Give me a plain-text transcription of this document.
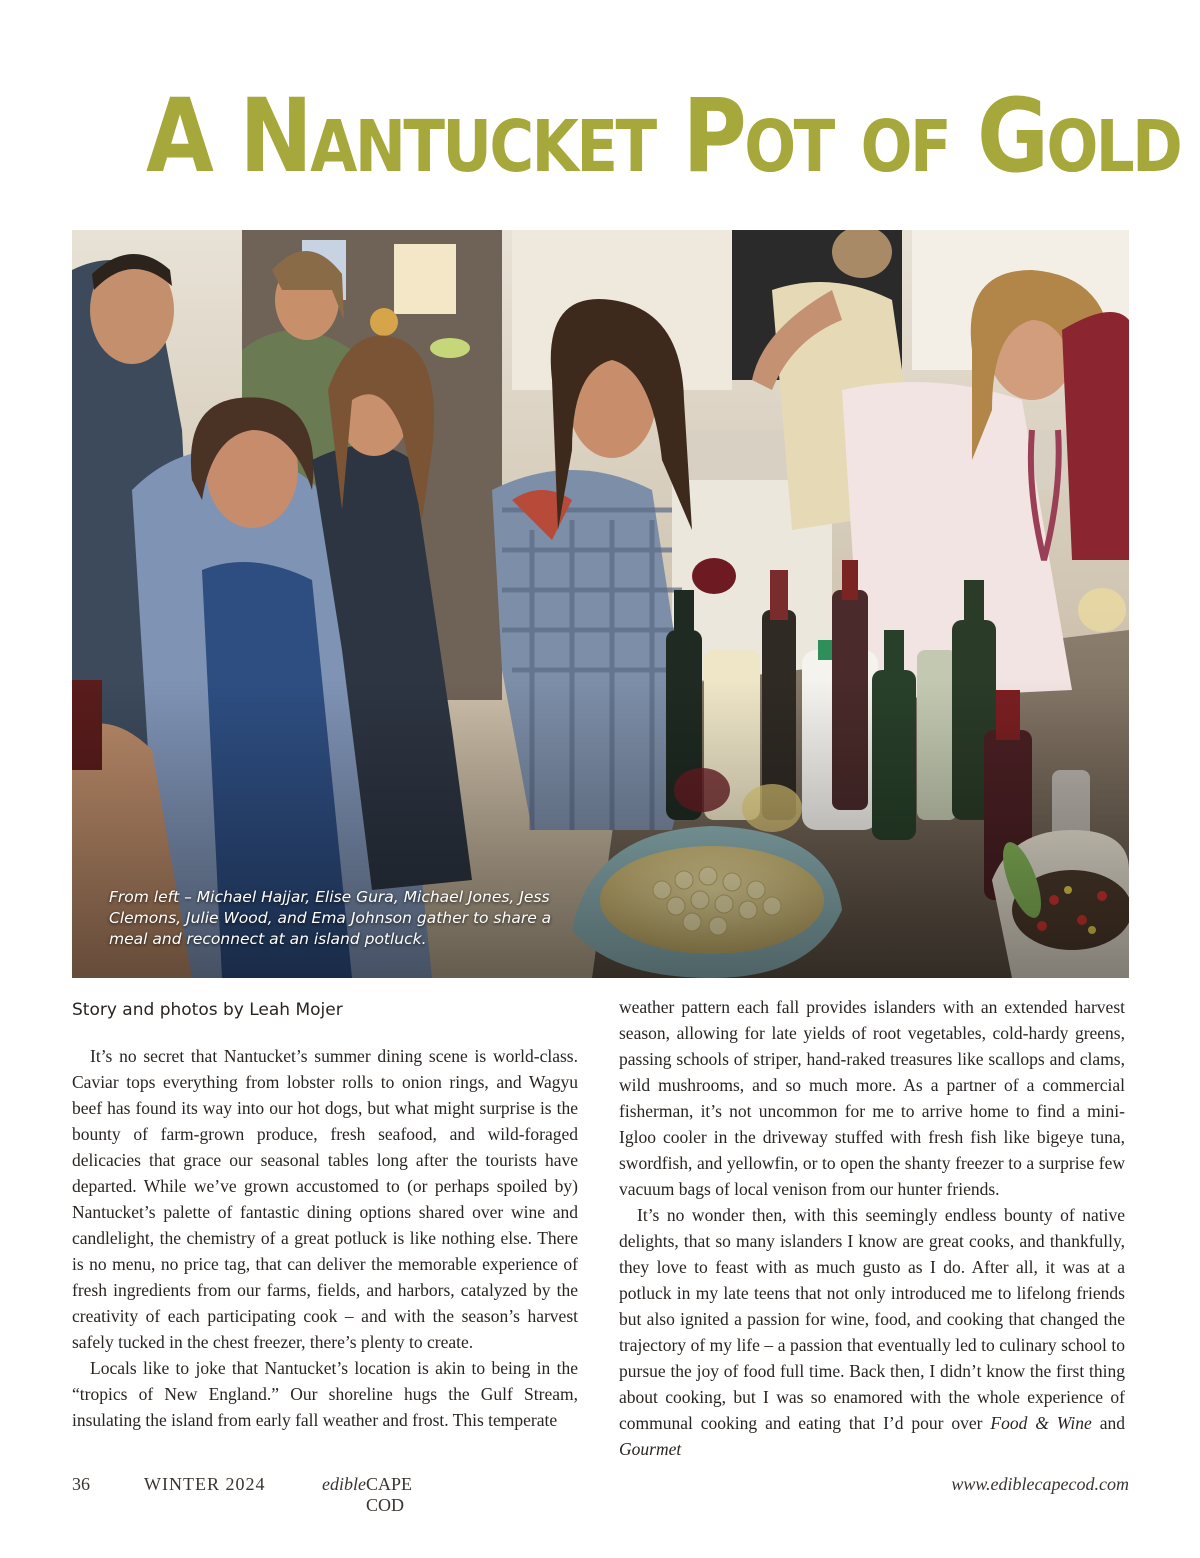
A Nantucket Pot of Gold

From left – Michael Hajjar, Elise Gura, Michael Jones, Jess Clemons, Julie Wood, and Ema Johnson gather to share a meal and reconnect at an island potluck.

Story and photos by Leah Mojer

It’s no secret that Nantucket’s summer dining scene is world-class. Caviar tops everything from lobster rolls to onion rings, and Wagyu beef has found its way into our hot dogs, but what might surprise is the bounty of farm-grown produce, fresh seafood, and wild-foraged delicacies that grace our seasonal tables long after the tourists have departed. While we’ve grown accustomed to (or perhaps spoiled by) Nantucket’s palette of fantastic dining options shared over wine and candlelight, the chemistry of a great potluck is like nothing else. There is no menu, no price tag, that can deliver the memorable experience of fresh ingredients from our farms, fields, and harbors, catalyzed by the creativity of each participating cook – and with the season’s harvest safely tucked in the chest freezer, there’s plenty to create.

Locals like to joke that Nantucket’s location is akin to being in the “tropics of New England.” Our shoreline hugs the Gulf Stream, insulating the island from early fall weather and frost. This temperate

weather pattern each fall provides islanders with an extended harvest season, allowing for late yields of root vegetables, cold-hardy greens, passing schools of striper, hand-raked treasures like scallops and clams, wild mushrooms, and so much more. As a partner of a commercial fisherman, it’s not uncommon for me to arrive home to find a mini-Igloo cooler in the driveway stuffed with fresh fish like bigeye tuna, swordfish, and yellowfin, or to open the shanty freezer to a surprise few vacuum bags of local venison from our hunter friends.

It’s no wonder then, with this seemingly endless bounty of native delights, that so many islanders I know are great cooks, and thankfully, they love to feast with as much gusto as I do. After all, it was at a potluck in my late teens that not only introduced me to lifelong friends but also ignited a passion for wine, food, and cooking that changed the trajectory of my life – a passion that eventually led to culinary school to pursue the joy of food full time. Back then, I didn’t know the first thing about cooking, but I was so enamored with the whole experience of communal cooking and eating that I’d pour over Food & Wine and Gourmet

36	WINTER 2024	edible CAPE COD
www.ediblecapecod.com
